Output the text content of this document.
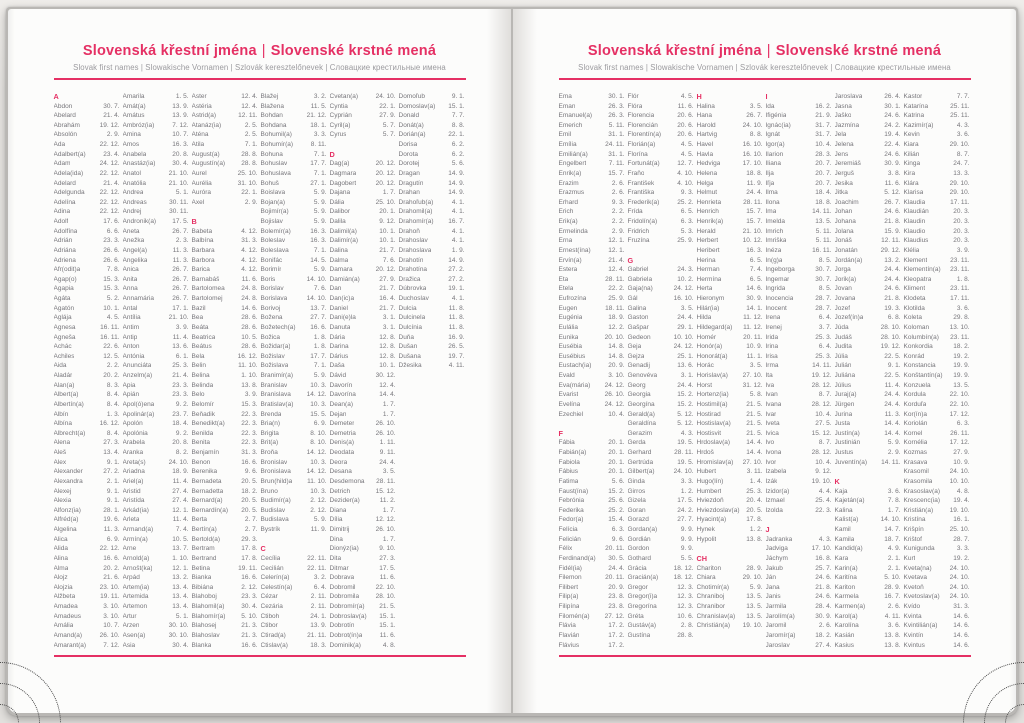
Slovenská křestní jména | Slovenské krstné mená
Slovak first names | Slowakische Vornamen | Szlovák keresztelőnevek | Словацкие крестильные имена
A
Abdon	30. 7.
Abelard	21. 4.
Abrahám	19. 12.
Absolón	2. 9.
Ada	22. 12.
Adalbert(a)	23. 4.
Adam	24. 12.
Adela(ida)	22. 12.
Adelard	21. 4.
Adelgunda 22. 12.
Adelína	22. 12.
Adina	22. 12.
Adolf	17. 6.
Adolfína	6. 6.
Adrián	23. 3.
Adriána	26. 6.
Adriena	26. 6.
Afr(odit)a	7. 8.
Agap(o)	15. 3.
Agapia	15. 3.
Agáta	5. 2.
Agatón	10. 1.
Aglája	4. 5.
Agnesa	16. 11.
Agneša	16. 11.
Achác	22. 6.
Achiles	12. 5.
Aida	2. 2.
Aladár	20. 2.
Alan(a)	8. 3.
Albert(a)	8. 4.
Albertín(a)	8. 4.
Albín	1. 3.
Albína	16. 12.
Albrecht(a)	8. 4.
Alena	27. 3.
Aleš	13. 4.
Alex	9. 1.
Alexander	27. 2.
Alexandra	2. 1.
Alexej	9. 1.
Alexia	9. 1.
Alfonz(ia)	28. 1.
Alfréd(a)	19. 6.
Algelina	11. 3.
Alica	6. 9.
Alida	22. 12.
Alina	16. 6.
Alma	20. 2.
Alojz	21. 6.
Alojzia	23. 10.
Alžbeta	19. 11.
Amadea	3. 10.
Amadeus	3. 10.
Amália	10. 7.
Amand(a)	26. 10.
Amarant(a)	7. 12.
Amarila	1. 5.
Amát(a)	13. 9.
Amátus	13. 9.
Ambróz(ia)	7. 12.
Amina	10. 7.
Amos	16. 3.
Anabela	20. 8.
Anastáz(ia)	30. 4.
Anatol	21. 10.
Anatólia	21. 10.
Andrea	5. 1.
Andreas	30. 11.
Andrej	30. 11.
Andronik(a) 17. 5.
Aneta	26. 7.
Anežka	2. 3.
Angel(a)	11. 3.
Angelika	11. 3.
Anica	26. 7.
Anita	26. 7.
Anna	26. 7.
Annamária	26. 7.
Antal	17. 1.
Antília	21. 10.
Antim	3. 9.
Antip	11. 4.
Anton	13. 6.
Antónia	6. 1.
Anunciáta	25. 3.
Anzelm(a)	21. 4.
Apia	23. 3.
Apián	23. 3.
Apol(ó)ena	9. 2.
Apolinár(a)	23. 7.
Apolón	18. 4.
Apolónia	9. 2.
Arabela	20. 8.
Aranka	8. 2.
Areta(s)	24. 10.
Ariadna	18. 9.
Ariel(a)	11. 4.
Aristid	27. 4.
Aristída	27. 4.
Arkád(ia)	12. 1.
Arleta	11. 4.
Armand(a)	7. 4.
Armín(a)	10. 5.
Arne	13. 7.
Arnold(a)	1. 10.
Arnošt(ka)	12. 1.
Arpád	13. 2.
Artem(ia)	13. 4.
Artemida	13. 4.
Artemon	13. 4.
Artur	5. 1.
Arzen	30. 10.
Asen(a)	30. 10.
Asia	30. 4.
Aster	12. 4.
Astéria	12. 4.
Astrid(a)	12. 11.
Atanáz(ia)	2. 5.
Aténa	2. 5.
Atila	7. 1.
August(a)	28. 8.
Augustín(a) 28. 8.
Aurel	25. 10.
Aurélia	31. 10.
Auróra	22. 1.
Axel	2. 9.
B
Babeta	4. 12.
Balbína	31. 3.
Barbara	4. 12.
Barbora	4. 12.
Barica	4. 12.
Barnabáš	11. 6.
Bartolomea	24. 8.
Bartolomej	24. 8.
Bazil	14. 6.
Bea	28. 6.
Beáta	28. 6.
Beatrica	10. 5.
Beátus	28. 6.
Bela	16. 12.
Belin	11. 10.
Belina	1. 10.
Belinda	13. 8.
Belo	3. 9.
Belomír	15. 3.
Beňadik	22. 3.
Benedikt(a)	22. 3.
Benilda	22. 3.
Benita	22. 3.
Benjamín	31. 3.
Benon	16. 6.
Berenika	9. 6.
Bernadeta	20. 5.
Bernadetta	18. 2.
Bernard(a)	20. 5.
Bernardín(a) 20. 5.
Berta	2. 7.
Bertín(a)	2. 7.
Bertold(a)	29. 3.
Bertram	17. 8.
Bertrand	17. 8.
Betina	19. 11.
Bianka	16. 6.
Bibiána	2. 12.
Blahoboj	23. 3.
Blahomil(a)	30. 4.
Blahomír(a) 5. 10.
Blahosej	21. 3.
Blahoslav	21. 3.
Blanka	16. 6.
Blažej	3. 2.
Blažena	11. 5.
Bohdan	21. 12.
Bohdana	18. 1.
Bohumil(a)	3. 3.
Bohumír(a)	8. 11.
Bohuna	7. 1.
Bohuslav	17. 7.
Bohuslava	7. 1.
Bohuš	27. 1.
Boislava	5. 9.
Bojan(a)	5. 9.
Bojimír(a)	5. 9.
Bojislav	5. 9.
Bolemír(a)	16. 3.
Boleslav	16. 3.
Boleslava	7. 1.
Bonifác	14. 5.
Borimír	5. 9.
Boris	14. 10.
Borislav	7. 6.
Borislava	14. 10.
Borivoj	13. 7.
Božena	27. 7.
Božetech(a) 16. 6.
Božica	1. 8.
Božidar(a)	1. 8.
Božislav	17. 7.
Božislava	7. 1.
Branimír(a)	5. 9.
Branislav	10. 3.
Branislava 14. 12.
Bratislav(a)	10. 3.
Brenda	15. 5.
Bria(n)	6. 9.
Brigita	8. 10.
Brit(a)	8. 10.
Broňa	14. 12.
Bronislav	10. 3.
Bronislava 14. 12.
Brun(hild)a 11. 10.
Bruno	10. 3.
Budimír(a)	2. 12.
Budislav	2. 12.
Budislava	5. 9.
Bystrík	11. 9.
C
Cecília	22. 11.
Cecilián	22. 11.
Celerín(a)	3. 2.
Celestín(a)	6. 4.
Cézar	2. 11.
Cezária	2. 11.
Ctiboh	24. 1.
Ctibor	13. 9.
Ctirad(a)	21. 11.
Ctislav(a)	18. 3.
Cvetan(a)	24. 10.
Cyntia	22. 1.
Cyprián	27. 9.
Cyril(a)	5. 7.
Cyrus	5. 7.
D
Dag(a)	20. 12.
Dagmara	20. 12.
Dagobert	20. 12.
Dajana	1. 7.
Dália	25. 10.
Dalibor	20. 1.
Dalila	9. 12.
Dalimil(a)	10. 1.
Dalimír(a)	10. 1.
Dalina	21. 7.
Dalma	7. 6.
Damara	20. 12.
Damián(a)	27. 9.
Dan	21. 7.
Dan(ic)a	16. 4.
Daniel	21. 7.
Dani(e)la	3. 1.
Danuta	3. 1.
Dária	12. 8.
Darina	12. 8.
Dárius	12. 8.
Daša	10. 1.
Dávid	30. 12.
Davorín	12. 4.
Davorína	14. 4.
Dean(a)	1. 7.
Dejan	1. 7.
Demeter	26. 10.
Demetria	26. 10.
Denis(a)	1. 11.
Deodata	9. 11.
Deora	24. 4.
Desana	3. 5.
Desdemona 28. 11.
Detrich	15. 12.
Dezider(a)	11. 2.
Diana	1. 7.
Dília	12. 12.
Dimitrij	26. 10.
Dina	1. 7.
Dionýz(ia)	9. 10.
Dita	27. 3.
Ditmar	17. 5.
Dobrava	11. 6.
Dobromil	22. 10.
Dobromila	28. 10.
Dobromír(a) 21. 5.
Dobroslav(a) 15. 1.
Dobrotín	15. 1.
Dobrot(ín)a	11. 6.
Dominik(a)	4. 8.
Domoľub	9. 1.
Domoslav(a) 15. 1.
Donald	7. 7.
Donát(a)	8. 8.
Dorián(a)	22. 1.
Dorisa	6. 2.
Dorota	6. 2.
Dorotej	5. 6.
Dragan	14. 9.
Dragutín	14. 9.
Drahan	14. 9.
Drahoľub(a)	4. 1.
Drahomil(a)	4. 1.
Drahomír(a) 16. 7.
Drahoň	4. 1.
Drahoslav	4. 1.
Drahoslava	1. 9.
Drahotín	14. 9.
Drahotína	27. 2.
Dražica	27. 2.
Dúbrovka	19. 1.
Duchoslav	4. 1.
Dulcia	11. 8.
Dulcinela	11. 8.
Dulcínia	11. 8.
Duňa	16. 9.
Dušan	26. 5.
Dušana	19. 7.
Džesika	4. 11.
Slovenská křestní jména | Slovenské krstné mená
Slovak first names | Slowakische Vornamen | Szlovák keresztelőnevek | Словацкие крестильные имена
Ema	30. 1.
Eman	26. 3.
Emanuel(a) 26. 3.
Emerich	5. 11.
Emil	31. 1.
Emília	24. 11.
Emilián(a)	31. 1.
Engelbert	7. 11.
Enrik(a)	15. 7.
Erazim	2. 6.
Erazmus	2. 6.
Erhard	9. 3.
Erich	2. 2.
Erik(a)	2. 2.
Ermelinda	2. 9.
Erna	12. 1.
Ernest(ína)	12. 1.
Ervín(a)	21. 4.
Estera	12. 4.
Eta	28. 11.
Etela	22. 2.
Eufrozína	25. 9.
Eugen	18. 11.
Eugénia	18. 9.
Eulália	12. 2.
Eunika	20. 10.
Eusébia	14. 8.
Eusébius	14. 8.
Eustach(ia)	20. 9.
Evald	3. 10.
Eva(mária) 24. 12.
Evarist	26. 10.
Evelína	24. 12.
Ezechiel	10. 4.
F
Fábia	20. 1.
Fabián(a)	20. 1.
Fabiola	20. 1.
Fábius	20. 1.
Fatima	5. 6.
Faust(ína)	15. 2.
Febrónia	25. 6.
Federika	25. 2.
Fedor(a)	15. 4.
Felícia	6. 3.
Felicián	9. 6.
Félix	20. 11.
Ferdinand(a) 30. 5.
Fidél(ia)	24. 4.
Filemon	20. 11.
Filibert	20. 9.
Filip(a)	23. 8.
Filipína	23. 8.
Filomén(a) 27. 12.
Flávia	17. 2.
Flavián	17. 2.
Flávius	17. 2.
Flór	4. 5.
Flóra	11. 6.
Florencia	20. 6.
Florencián	20. 6.
Florentín(a) 20. 6.
Florián(a)	4. 5.
Florína	4. 5.
Fortunát(a)	12. 7.
Fraňo	4. 10.
František	4. 10.
Františka	9. 3.
Frederik(a)	25. 2.
Frída	6. 5.
Fridolín(a)	6. 3.
Fridrich	5. 3.
Fruzína	25. 9.
G
Gabriel	24. 3.
Gabriela	10. 2.
Gaja(na)	24. 12.
Gál	16. 10.
Galina	3. 5.
Gaston	24. 4.
Gašpar	29. 1.
Gedeon	10. 10.
Geja	24. 12.
Gejza	25. 1.
Genadij	13. 6.
Genovéva	3. 1.
Georg	24. 4.
Georgia	15. 2.
Georgína	15. 2.
Gerald(a)	5. 12.
Geraldína	5. 12.
Gerazim	4. 3.
Gerda	19. 5.
Gerhard	28. 11.
Gertrúda	19. 5.
Gilbert(a)	24. 10.
Ginda	3. 3.
Girros	1. 2.
Gizela	17. 5.
Goran	24. 2.
Gorazd	27. 7.
Gordan(a)	9. 9.
Gordián	9. 9.
Gordon	9. 9.
Gothard	5. 5.
Grácia	18. 12.
Gracián(a) 18. 12.
Gregor	12. 3.
Gregor(i)a	12. 3.
Gregorína	12. 3.
Gréta	10. 6.
Gustáv(a)	2. 8.
Gustína	28. 8.
H
Halina	3. 5.
Hana	26. 7.
Harold	24. 10.
Hartvig	8. 8.
Havel	16. 10.
Havla	16. 10.
Hedviga	17. 10.
Helena	18. 8.
Helga	11. 9.
Helmut	24. 4.
Henrieta	28. 11.
Henrich	15. 7.
Henrik(a)	15. 7.
Herald	21. 10.
Herbert	10. 12.
Heribert	16. 3.
Herina	6. 5.
Herman	7. 4.
Hermína	6. 5.
Herta	14. 6.
Hieronym	30. 9.
Hilár(ia)	14. 1.
Hilda	11. 12.
Hildegard(a) 11. 12.
Homér	20. 11.
Honór(a)	10. 9.
Honorát(a)	11. 1.
Horác	3. 5.
Horislav(a) 27. 10.
Horst	31. 12.
Hortenz(ia)	5. 8.
Hostimil(a)	21. 5.
Hostirad	21. 5.
Hostislav(a) 21. 5.
Hostisvit	21. 5.
Hrdoslav(a) 14. 4.
Hrdoš	14. 4.
Hromislav(a) 27. 10.
Hubert	3. 11.
Hugo(lín)	1. 4.
Humbert	25. 3.
Hviezdoň	20. 4.
Hviezdoslav(a) 20. 5.
Hyacint(a)	17. 8.
Hynek	1. 2.
Hypolit	13. 8.
CH
Chariton	28. 9.
Chiara	29. 10.
Chotimír(a)	5. 9.
Chraniboj	13. 5.
Chranibor	13. 5.
Chranislav(a) 13. 5.
Christián(a) 19. 10.
I
Ida	16. 2.
Ifigénia	21. 9.
Ignác(ia)	31. 7.
Ignát	31. 7.
Igor(a)	10. 4.
Ilarion	28. 3.
Iliana	20. 7.
Ilja	20. 7.
Iľja	20. 7.
Ilma	18. 4.
Ilona	18. 8.
Ima	14. 11.
Imelda	13. 5.
Imrich	5. 11.
Imriška	5. 11.
Inéza	16. 11.
In(g)a	8. 5.
Ingeborga	30. 7.
Ingemar	30. 7.
Ingrida	8. 5.
Inocencia	28. 7.
Inocent	28. 7.
Irena	6. 4.
Irenej	3. 7.
Irida	25. 3.
Irina	6. 4.
Irisa	25. 3.
Irma	14. 11.
Ita	19. 12.
Iva	28. 12.
Ivan	8. 7.
Ivana	28. 12.
Ivar	10. 4.
Iveta	27. 5.
Ivica	15. 12.
Ivo	8. 7.
Ivona	28. 12.
Ivor	10. 4.
Izabela	9. 12.
Izák	19. 10.
Izidor(a)	4. 4.
Izmael	25. 4.
Izolda	22. 3.
J
Jadranka	4. 3.
Jadviga	17. 10.
Jáchym	16. 8.
Jakub	25. 7.
Ján	24. 6.
Jana	21. 8.
Janis	24. 6.
Jarmila	28. 4.
Jarolím(a)	30. 9.
Jaromil	2. 6.
Jaromír(a)	18. 2.
Jaroslav	27. 4.
Jaroslava	26. 4.
Jasna	30. 1.
Jaško	24. 6.
Jazmína	24. 2.
Jela	19. 4.
Jelena	22. 4.
Jens	24. 6.
Jeremiáš	30. 9.
Jerguš	3. 8.
Jesika	11. 6.
Jitka	5. 12.
Joachim	26. 7.
Johan	24. 6.
Johana	21. 8.
Jolana	15. 9.
Jonáš	12. 11.
Jonatán	29. 12.
Jordán(a)	13. 2.
Jorga	24. 4.
Jorik(a)	24. 4.
Jovan	24. 6.
Jovana	21. 8.
Jozef	19. 3.
Jozef(ín)a	6. 8.
Júda	28. 10.
Judáš	28. 10.
Judita	19. 12.
Júlia	22. 5.
Julián	9. 1.
Juliána	22. 5.
Július	11. 4.
Juraj(a)	24. 4.
Jürgen	24. 4.
Jurina	11. 3.
Justa	14. 4.
Justín(a)	14. 4.
Justinián	5. 9.
Justus	2. 9.
Juventín(a) 14. 11.
K
Kaja	3. 6.
Kajetán(a)	7. 8.
Kalina	1. 7.
Kalist(a)	14. 10.
Kamil	14. 7.
Kamila	18. 7.
Kandid(a)	4. 9.
Kara	2. 1.
Karin(a)	2. 1.
Karitína	5. 10.
Kariton	28. 9.
Karmela	16. 7.
Karmen(a)	2. 6.
Karol(a)	4. 11.
Karolína	3. 6.
Kasián	13. 8.
Kasius	13. 8.
Kastor	7. 7.
Katarína	25. 11.
Katrina	25. 11.
Kazimír(a)	4. 3.
Kevin	3. 6.
Kiara	29. 10.
Kilián	8. 7.
Kinga	24. 7.
Kira	13. 3.
Klára	29. 10.
Klarisa	29. 10.
Klaudia	17. 11.
Klaudián	20. 3.
Klaudin	20. 3.
Klaudio	20. 3.
Klaudius	20. 3.
Klélia	3. 9.
Klement	23. 11.
Klementín(a) 23. 11.
Kleopatra	1. 8.
Kliment	23. 11.
Klodeta	17. 11.
Klotilda	3. 6.
Koleta	29. 8.
Koloman	13. 10.
Kolumbín(a) 23. 11.
Konkordia	18. 2.
Konrád	19. 2.
Konstancia	19. 9.
Konštantín(a) 19. 9.
Konzuela	13. 5.
Kordula	22. 10.
Korduľa	22. 10.
Kor(ín)a	17. 12.
Koriolán	6. 3.
Kornel	26. 11.
Kornélia	17. 12.
Kozmas	27. 9.
Krasava	10. 9.
Krasomil	24. 10.
Krasomila	10. 10.
Krasoslav(a)	4. 8.
Krescenc(ia) 19. 4.
Kristián(a)	19. 10.
Kristína	16. 1.
Krišpín	25. 10.
Krištof	28. 7.
Kunigunda	3. 3.
Kurt	19. 2.
Kveta(na)	24. 10.
Kvetava	24. 10.
Kvetoň	24. 10.
Kvetoslav(a) 24. 10.
Kvído	31. 3.
Kvinta	14. 6.
Kvintilián(a) 14. 6.
Kvintín	14. 6.
Kvintus	14. 6.
